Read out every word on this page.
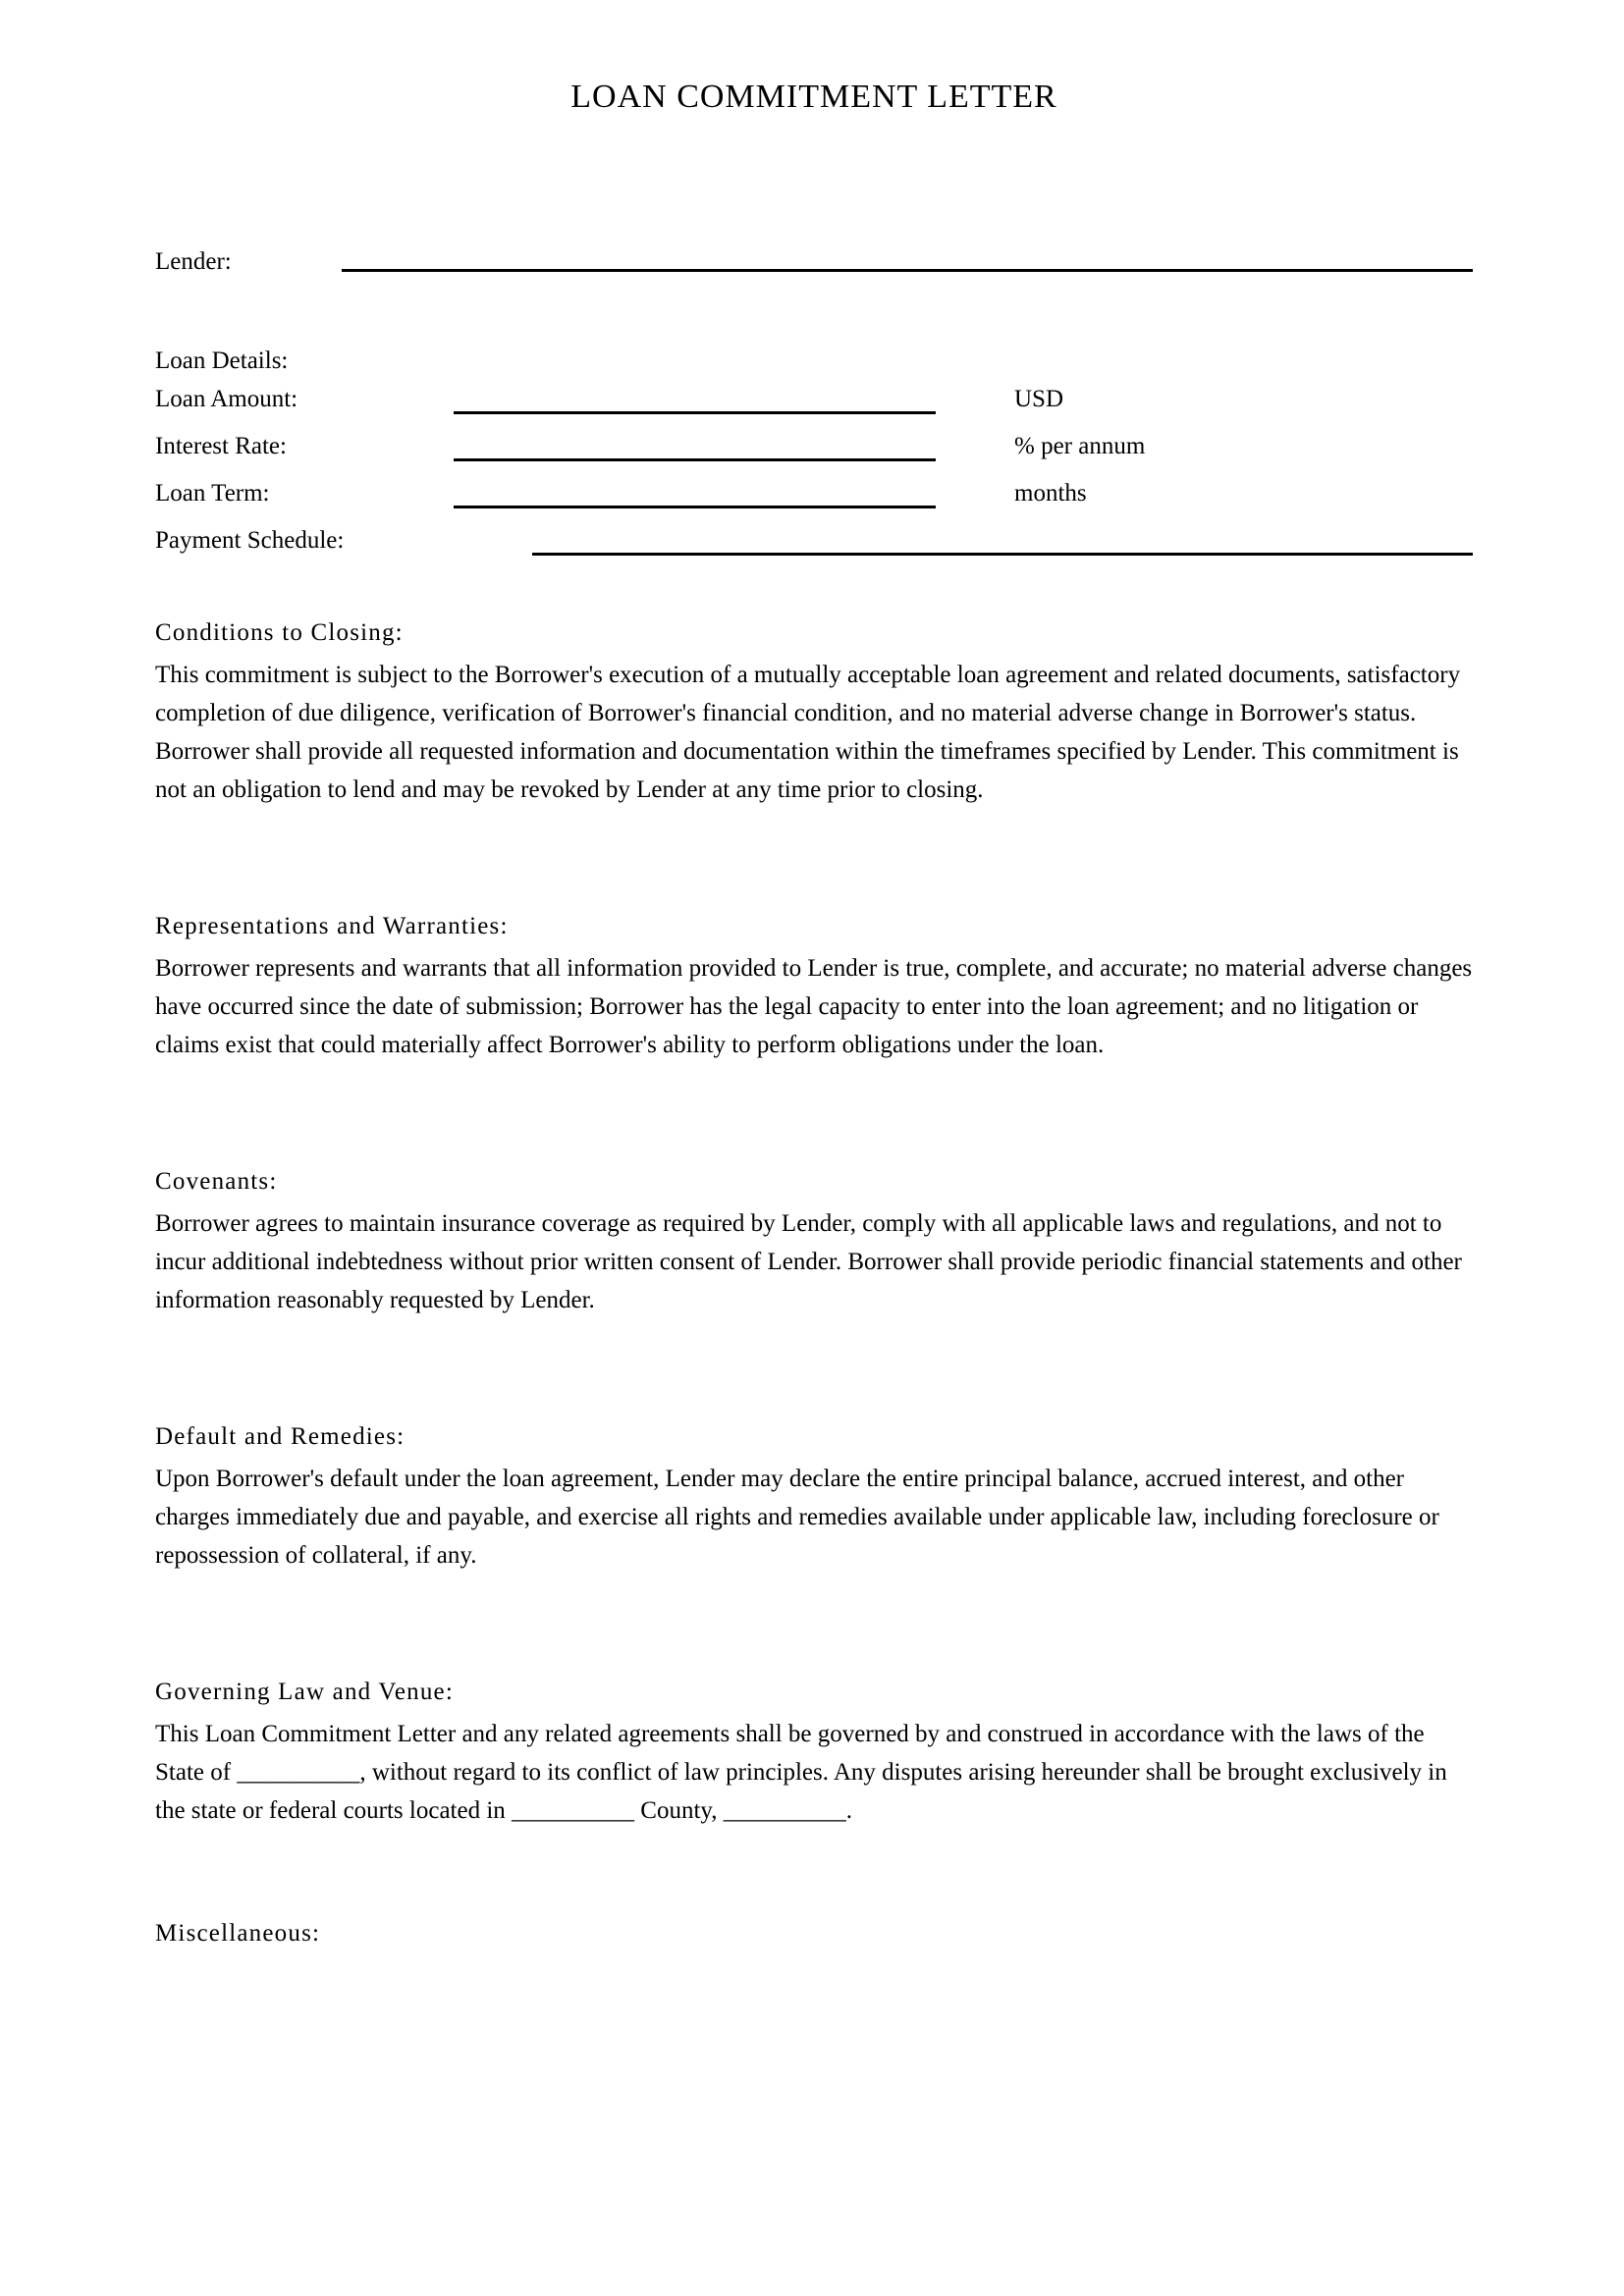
LOAN COMMITMENT LETTER
Lender:
Loan Details:
Loan Amount:	USD
Interest Rate:	% per annum
Loan Term:	months
Payment Schedule:
Conditions to Closing:

This commitment is subject to the Borrower's execution of a mutually acceptable loan agreement and related documents, satisfactory completion of due diligence, verification of Borrower's financial condition, and no material adverse change in Borrower's status. Borrower shall provide all requested information and documentation within the timeframes specified by Lender. This commitment is not an obligation to lend and may be revoked by Lender at any time prior to closing.

Representations and Warranties:

Borrower represents and warrants that all information provided to Lender is true, complete, and accurate; no material adverse changes have occurred since the date of submission; Borrower has the legal capacity to enter into the loan agreement; and no litigation or claims exist that could materially affect Borrower's ability to perform obligations under the loan.

Covenants:

Borrower agrees to maintain insurance coverage as required by Lender, comply with all applicable laws and regulations, and not to incur additional indebtedness without prior written consent of Lender. Borrower shall provide periodic financial statements and other information reasonably requested by Lender.

Default and Remedies:

Upon Borrower's default under the loan agreement, Lender may declare the entire principal balance, accrued interest, and other charges immediately due and payable, and exercise all rights and remedies available under applicable law, including foreclosure or repossession of collateral, if any.

Governing Law and Venue:

This Loan Commitment Letter and any related agreements shall be governed by and construed in accordance with the laws of the State of __________, without regard to its conflict of law principles. Any disputes arising hereunder shall be brought exclusively in the state or federal courts located in __________ County, __________.

Miscellaneous:
